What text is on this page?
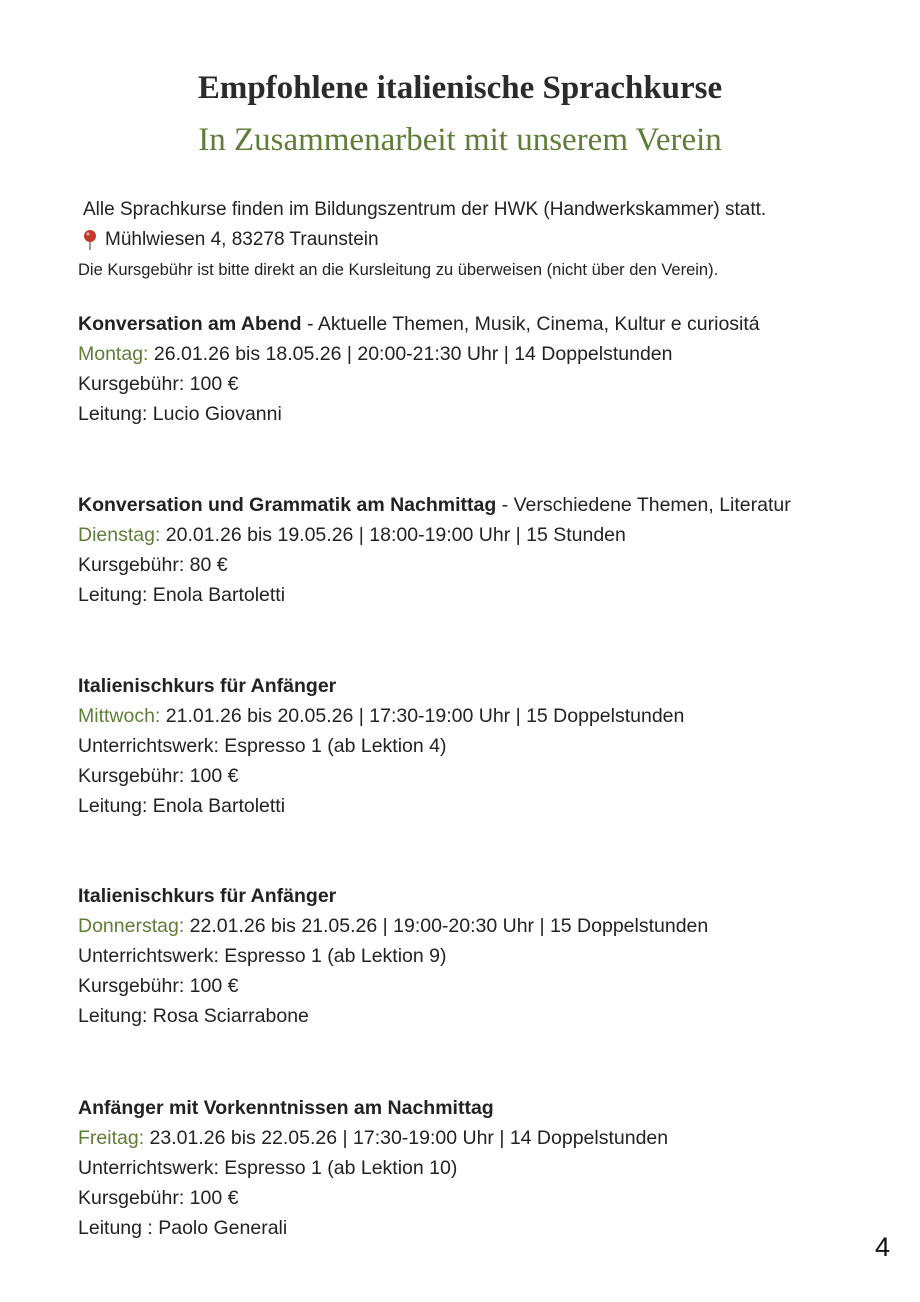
Empfohlene italienische Sprachkurse
In Zusammenarbeit mit unserem Verein
Alle Sprachkurse finden im Bildungszentrum der HWK (Handwerkskammer) statt.
Mühlwiesen 4, 83278 Traunstein
Die Kursgebühr ist bitte direkt an die Kursleitung zu überweisen (nicht über den Verein).
Konversation am Abend - Aktuelle Themen, Musik, Cinema, Kultur e curiositá
Montag: 26.01.26 bis 18.05.26 | 20:00-21:30 Uhr | 14 Doppelstunden
Kursgebühr: 100 €
Leitung: Lucio Giovanni
Konversation und Grammatik am Nachmittag - Verschiedene Themen, Literatur
Dienstag: 20.01.26 bis 19.05.26 | 18:00-19:00 Uhr | 15 Stunden
Kursgebühr: 80 €
Leitung: Enola Bartoletti
Italienischkurs für Anfänger
Mittwoch: 21.01.26 bis 20.05.26 | 17:30-19:00 Uhr | 15 Doppelstunden
Unterrichtswerk: Espresso 1 (ab Lektion 4)
Kursgebühr: 100 €
Leitung: Enola Bartoletti
Italienischkurs für Anfänger
Donnerstag: 22.01.26 bis 21.05.26 | 19:00-20:30 Uhr | 15 Doppelstunden
Unterrichtswerk: Espresso 1 (ab Lektion 9)
Kursgebühr: 100 €
Leitung: Rosa Sciarrabone
Anfänger mit Vorkenntnissen am Nachmittag
Freitag: 23.01.26 bis 22.05.26 | 17:30-19:00 Uhr | 14 Doppelstunden
Unterrichtswerk: Espresso 1 (ab Lektion 10)
Kursgebühr: 100 €
Leitung : Paolo Generali
4
